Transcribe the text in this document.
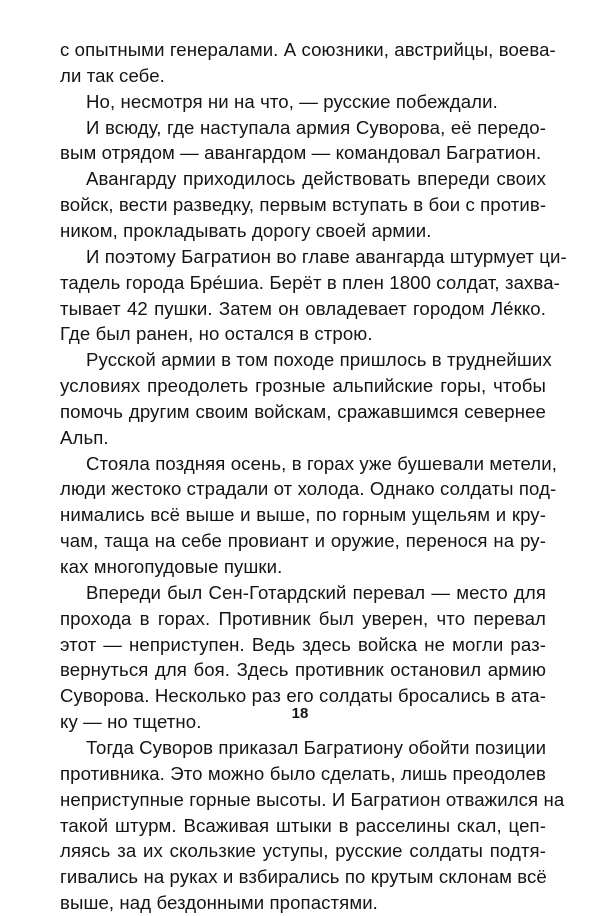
с опытными генералами. А союзники, австрийцы, воева-
ли так себе.
Но, несмотря ни на что, — русские побеждали.
И всюду, где наступала армия Суворова, её передо-
вым отрядом — авангардом — командовал Багратион.
Авангарду приходилось действовать впереди своих
войск, вести разведку, первым вступать в бои с против-
ником, прокладывать дорогу своей армии.
И поэтому Багратион во главе авангарда штурмует ци-
тадель города Бре́шиа. Берёт в плен 1800 солдат, захва-
тывает 42 пушки. Затем он овладевает городом Ле́кко.
Где был ранен, но остался в строю.
Русской армии в том походе пришлось в труднейших
условиях преодолеть грозные альпийские горы, чтобы
помочь другим своим войскам, сражавшимся севернее
Альп.
Стояла поздняя осень, в горах уже бушевали метели,
люди жестоко страдали от холода. Однако солдаты под-
нимались всё выше и выше, по горным ущельям и кру-
чам, таща на себе провиант и оружие, перенося на ру-
ках многопудовые пушки.
Впереди был Сен-Готардский перевал — место для
прохода в горах. Противник был уверен, что перевал
этот — неприступен. Ведь здесь войска не могли раз-
вернуться для боя. Здесь противник остановил армию
Суворова. Несколько раз его солдаты бросались в ата-
ку — но тщетно.
Тогда Суворов приказал Багратиону обойти позиции
противника. Это можно было сделать, лишь преодолев
неприступные горные высоты. И Багратион отважился на
такой штурм. Всаживая штыки в расселины скал, цеп-
ляясь за их скользкие уступы, русские солдаты подтя-
гивались на руках и взбирались по крутым склонам всё
выше, над бездонными пропастями.
18
